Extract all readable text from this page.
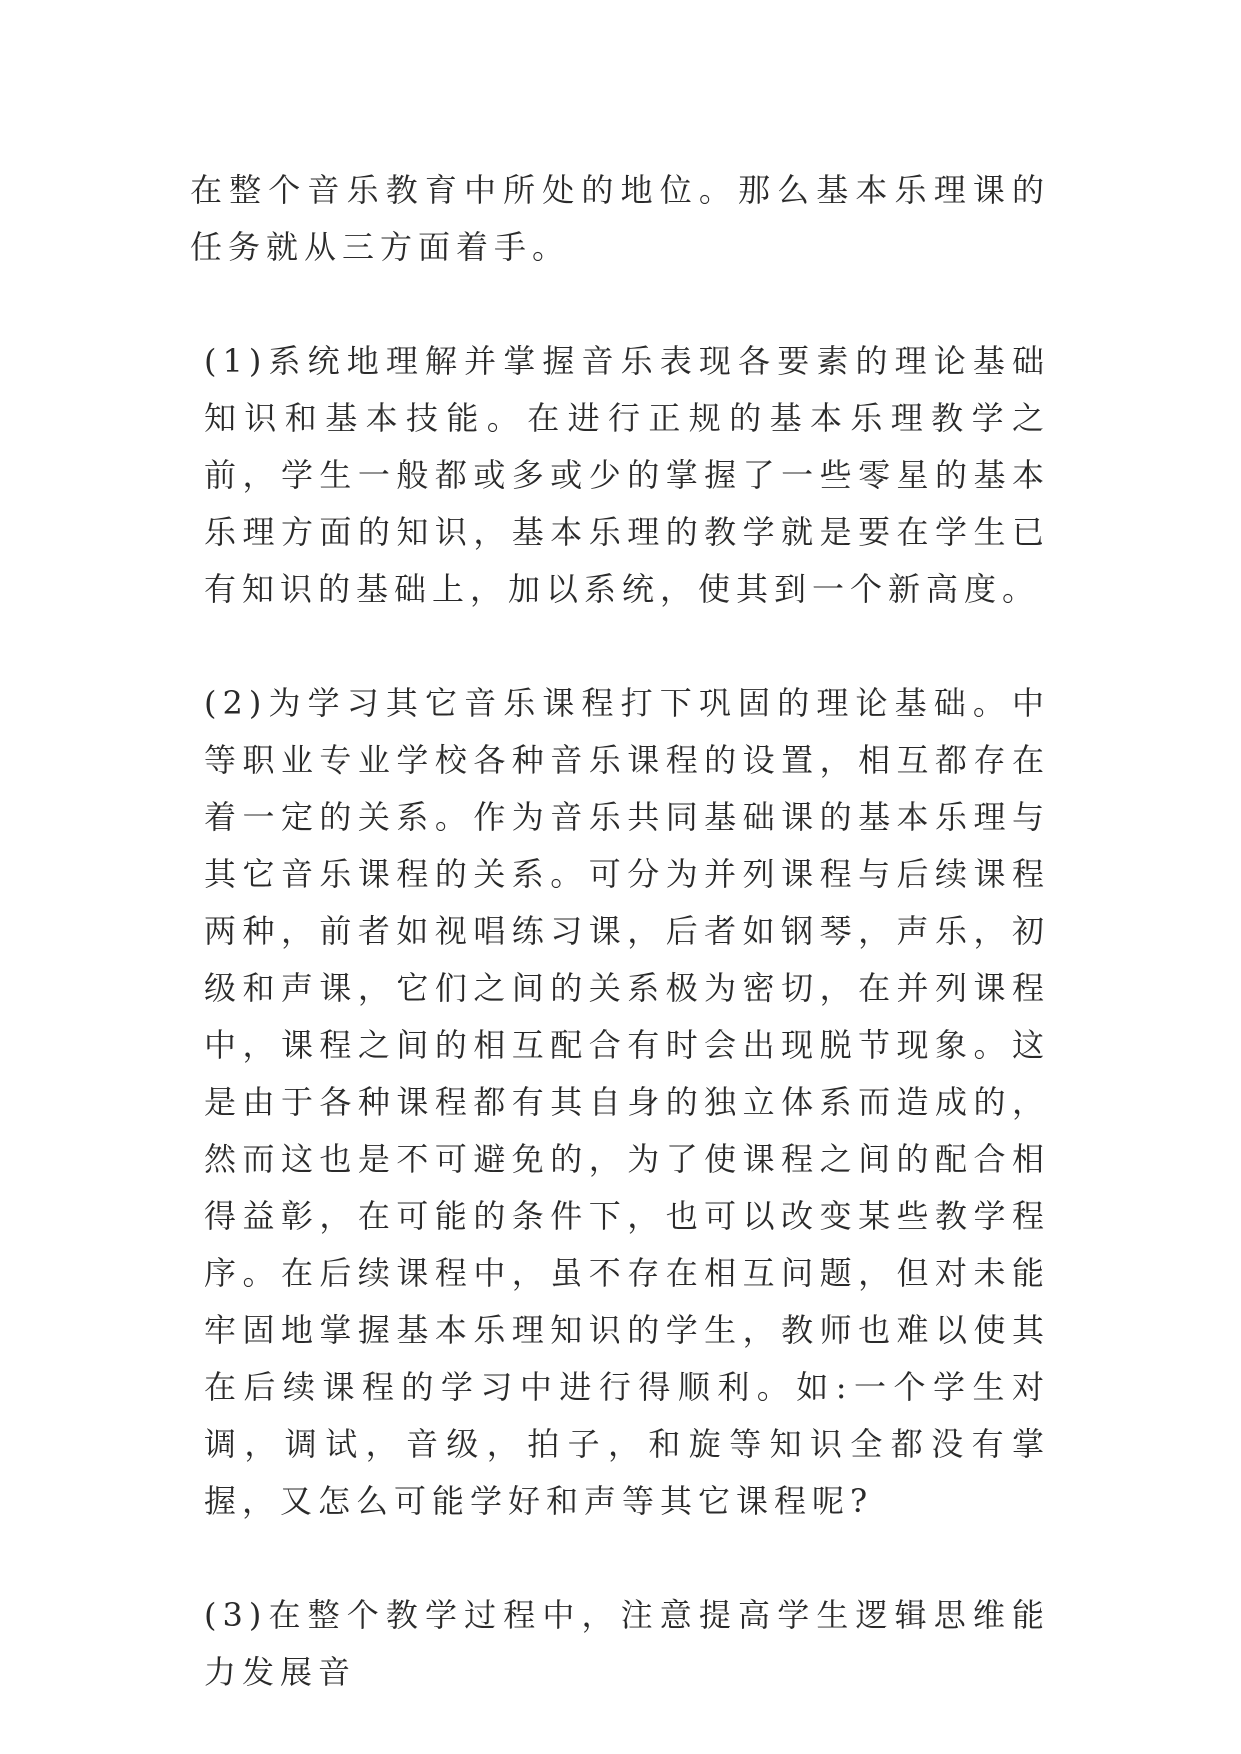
在整个音乐教育中所处的地位。那么基本乐理课的任务就从三方面着手。

(1)系统地理解并掌握音乐表现各要素的理论基础知识和基本技能。在进行正规的基本乐理教学之前，学生一般都或多或少的掌握了一些零星的基本乐理方面的知识，基本乐理的教学就是要在学生已有知识的基础上，加以系统，使其到一个新高度。

(2)为学习其它音乐课程打下巩固的理论基础。中等职业专业学校各种音乐课程的设置，相互都存在着一定的关系。作为音乐共同基础课的基本乐理与其它音乐课程的关系。可分为并列课程与后续课程两种，前者如视唱练习课，后者如钢琴，声乐，初级和声课，它们之间的关系极为密切，在并列课程中，课程之间的相互配合有时会出现脱节现象。这是由于各种课程都有其自身的独立体系而造成的，然而这也是不可避免的，为了使课程之间的配合相得益彰，在可能的条件下，也可以改变某些教学程序。在后续课程中，虽不存在相互问题，但对未能牢固地掌握基本乐理知识的学生，教师也难以使其在后续课程的学习中进行得顺利。如:一个学生对调，调试，音级，拍子，和旋等知识全都没有掌握，又怎么可能学好和声等其它课程呢?

(3)在整个教学过程中，注意提高学生逻辑思维能力发展音
